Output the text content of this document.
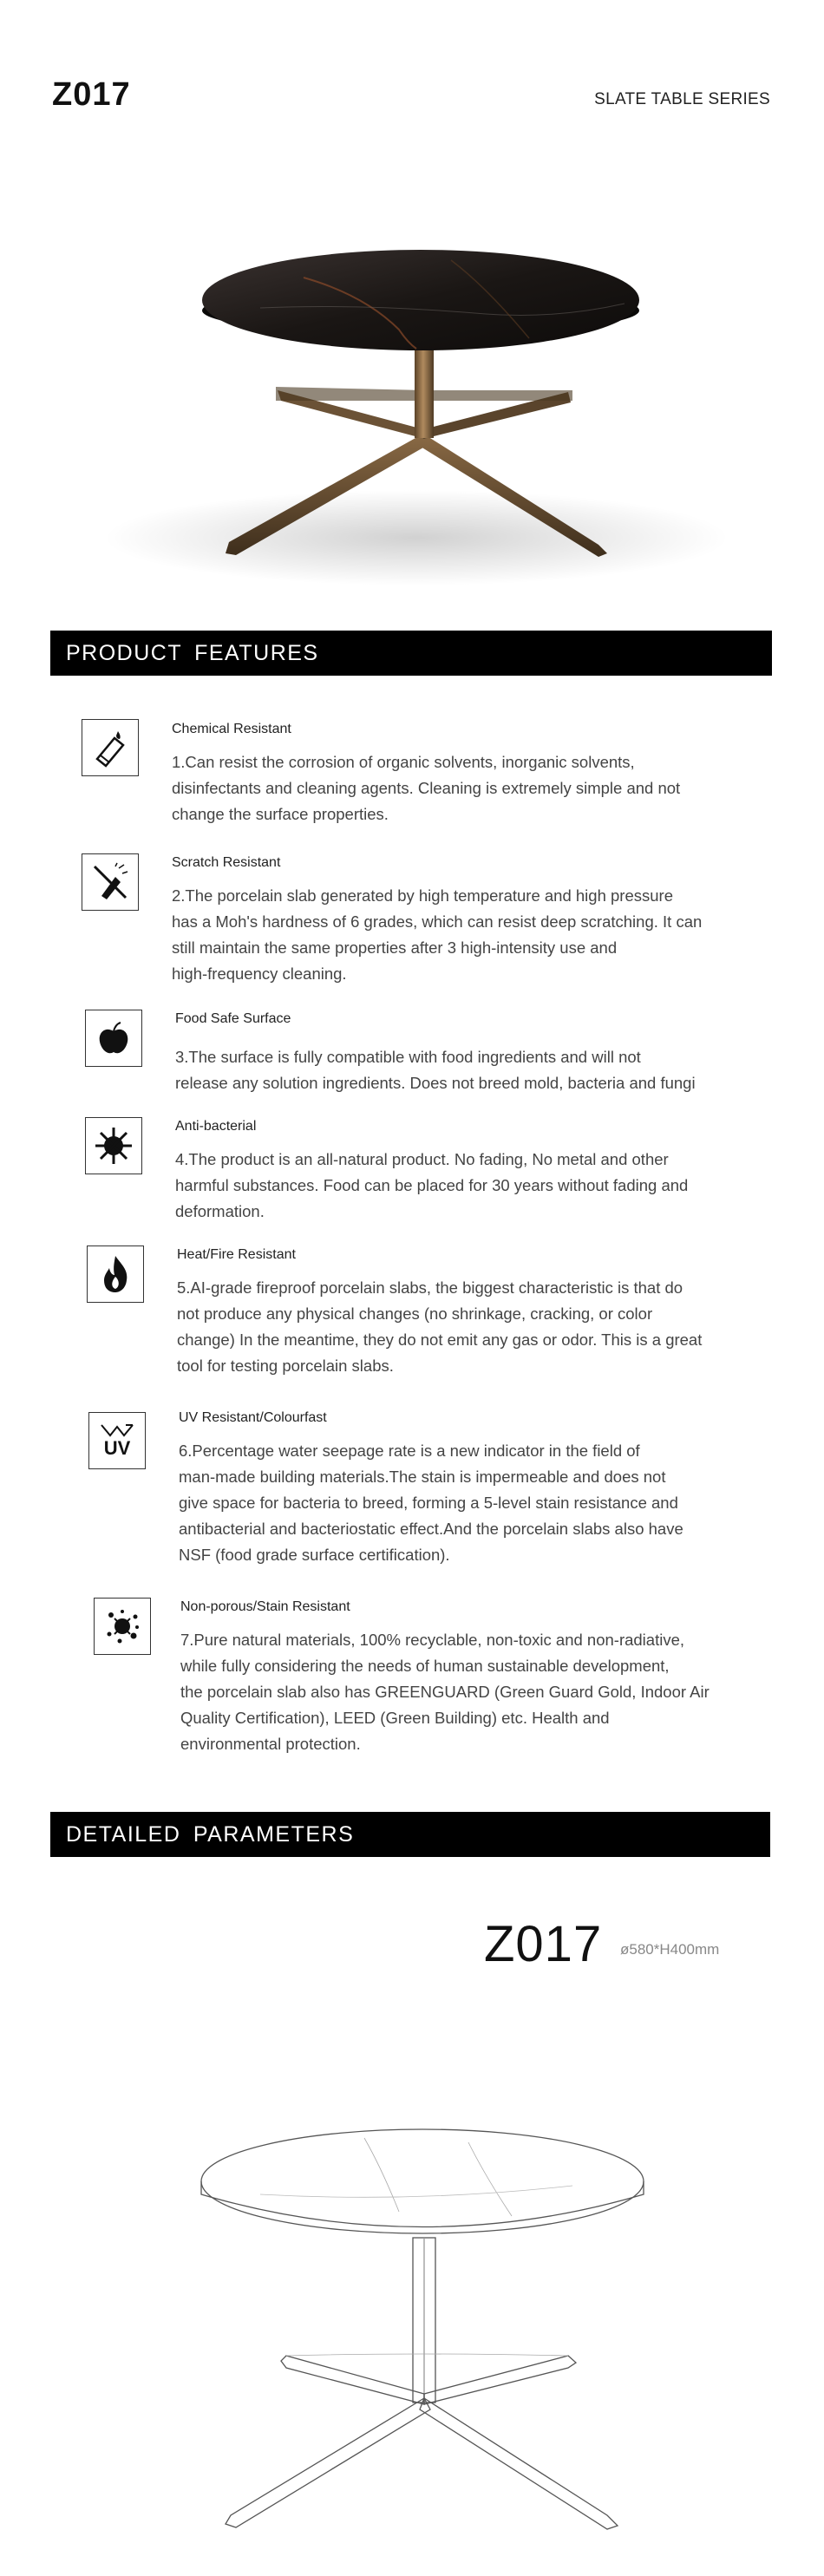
Z017	SLATE TABLE SERIES
PRODUCT FEATURES
Chemical Resistant
1.Can resist the corrosion of organic solvents, inorganic solvents,
disinfectants and cleaning agents. Cleaning is extremely simple and not
change the surface properties.
Scratch Resistant
2.The porcelain slab generated by high temperature and high pressure
has a Moh's hardness of 6 grades, which can resist deep scratching. It can
still maintain the same properties after 3 high-intensity use and
high-frequency cleaning.
Food Safe Surface
3.The surface is fully compatible with food ingredients and will not
release any solution ingredients. Does not breed mold, bacteria and fungi
Anti-bacterial
4.The product is an all-natural product. No fading, No metal and other
harmful substances. Food can be placed for 30 years without fading and
deformation.
Heat/Fire Resistant
5.AI-grade fireproof porcelain slabs, the biggest characteristic is that do
not produce any physical changes (no shrinkage, cracking, or color
change) In the meantime, they do not emit any gas or odor. This is a great
tool for testing porcelain slabs.
UV
UV Resistant/Colourfast
6.Percentage water seepage rate is a new indicator in the field of
man-made building materials.The stain is impermeable and does not
give space for bacteria to breed, forming a 5-level stain resistance and
antibacterial and bacteriostatic effect.And the porcelain slabs also have
NSF (food grade surface certification).
Non-porous/Stain Resistant
7.Pure natural materials, 100% recyclable, non-toxic and non-radiative,
while fully considering the needs of human sustainable development,
the porcelain slab also has GREENGUARD (Green Guard Gold, Indoor Air
Quality Certification), LEED (Green Building) etc. Health and
environmental protection.
DETAILED PARAMETERS
Z017 ø580*H400mm
